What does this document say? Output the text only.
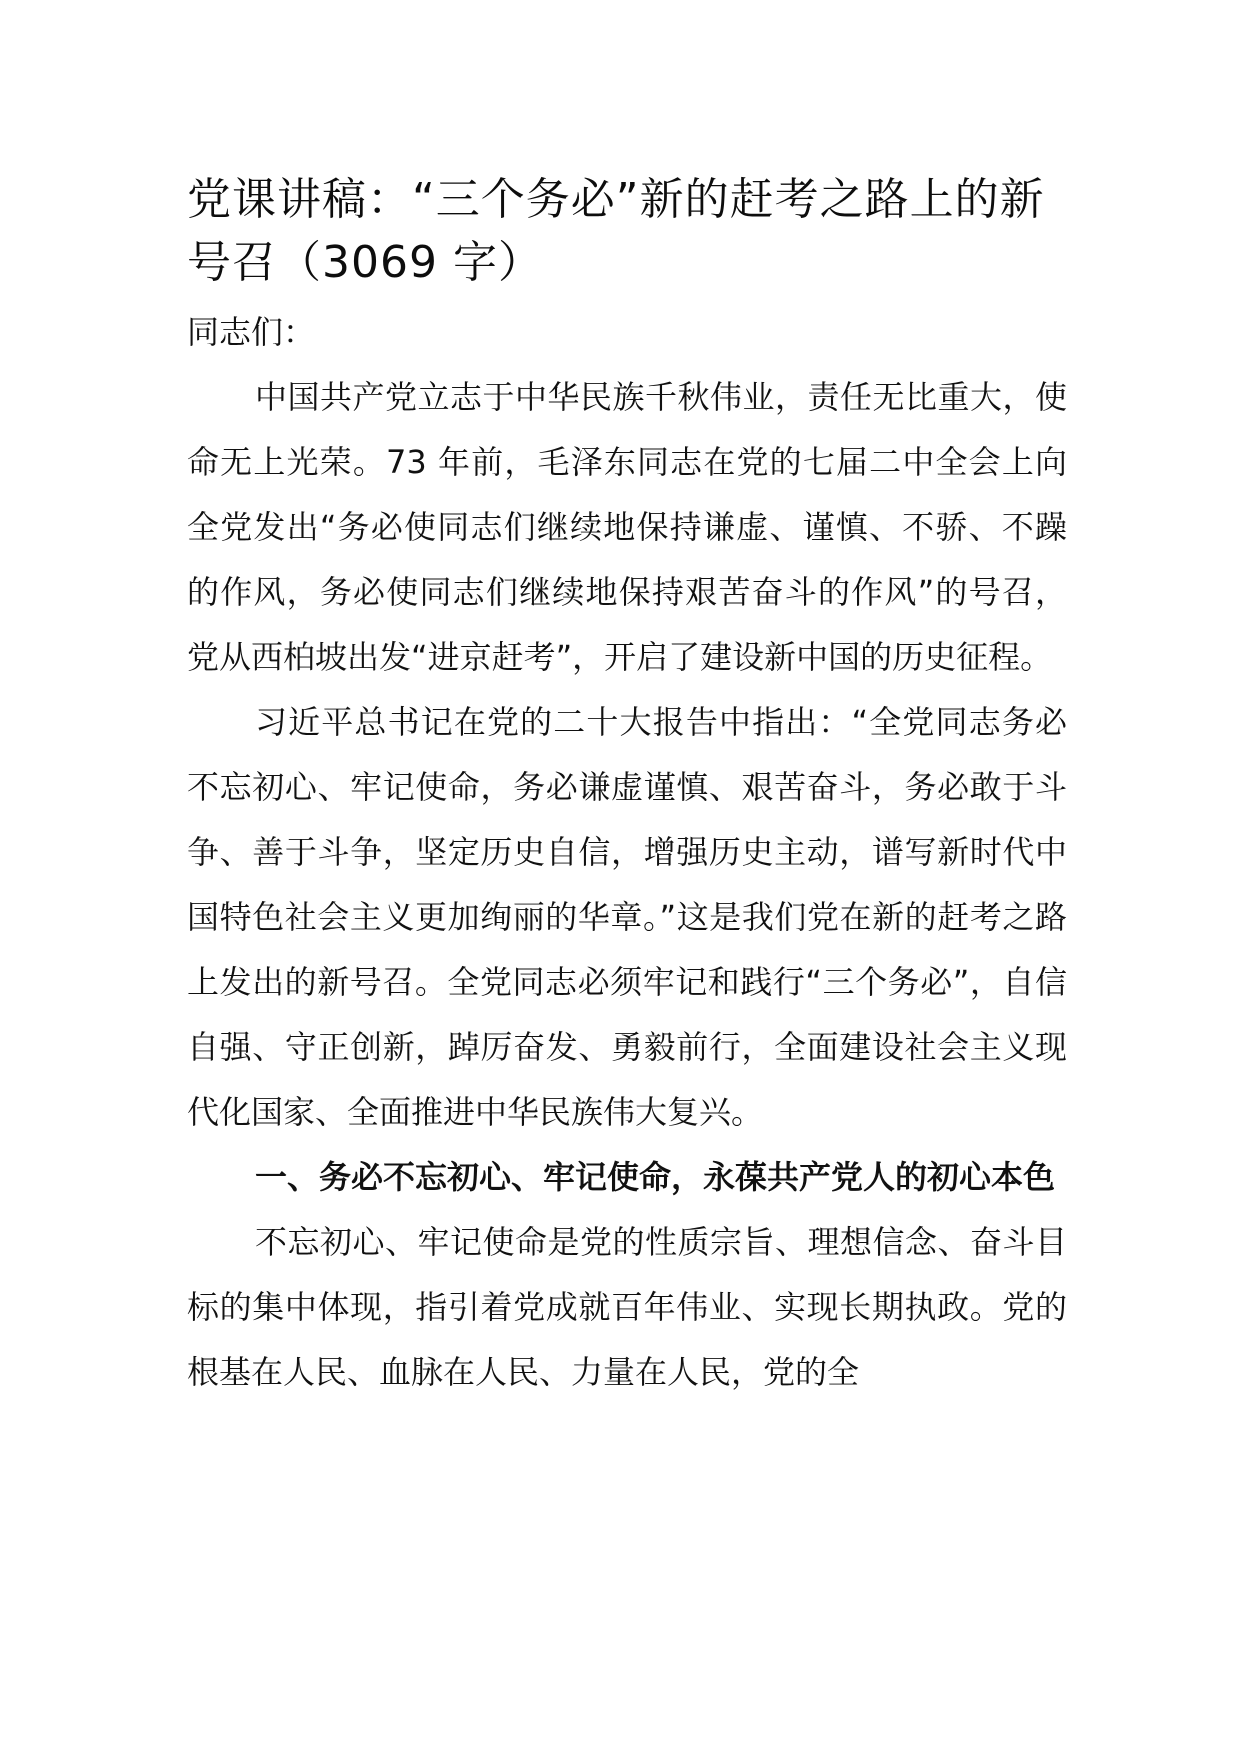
党课讲稿：“三个务必”新的赶考之路上的新号召（3069 字）

同志们：

中国共产党立志于中华民族千秋伟业，责任无比重大，使命无上光荣。73 年前，毛泽东同志在党的七届二中全会上向全党发出“务必使同志们继续地保持谦虚、谨慎、不骄、不躁的作风，务必使同志们继续地保持艰苦奋斗的作风”的号召，党从西柏坡出发“进京赶考”，开启了建设新中国的历史征程。

习近平总书记在党的二十大报告中指出：“全党同志务必不忘初心、牢记使命，务必谦虚谨慎、艰苦奋斗，务必敢于斗争、善于斗争，坚定历史自信，增强历史主动，谱写新时代中国特色社会主义更加绚丽的华章。”这是我们党在新的赶考之路上发出的新号召。全党同志必须牢记和践行“三个务必”，自信自强、守正创新，踔厉奋发、勇毅前行，全面建设社会主义现代化国家、全面推进中华民族伟大复兴。

一、务必不忘初心、牢记使命，永葆共产党人的初心本色

不忘初心、牢记使命是党的性质宗旨、理想信念、奋斗目标的集中体现，指引着党成就百年伟业、实现长期执政。党的根基在人民、血脉在人民、力量在人民，党的全
